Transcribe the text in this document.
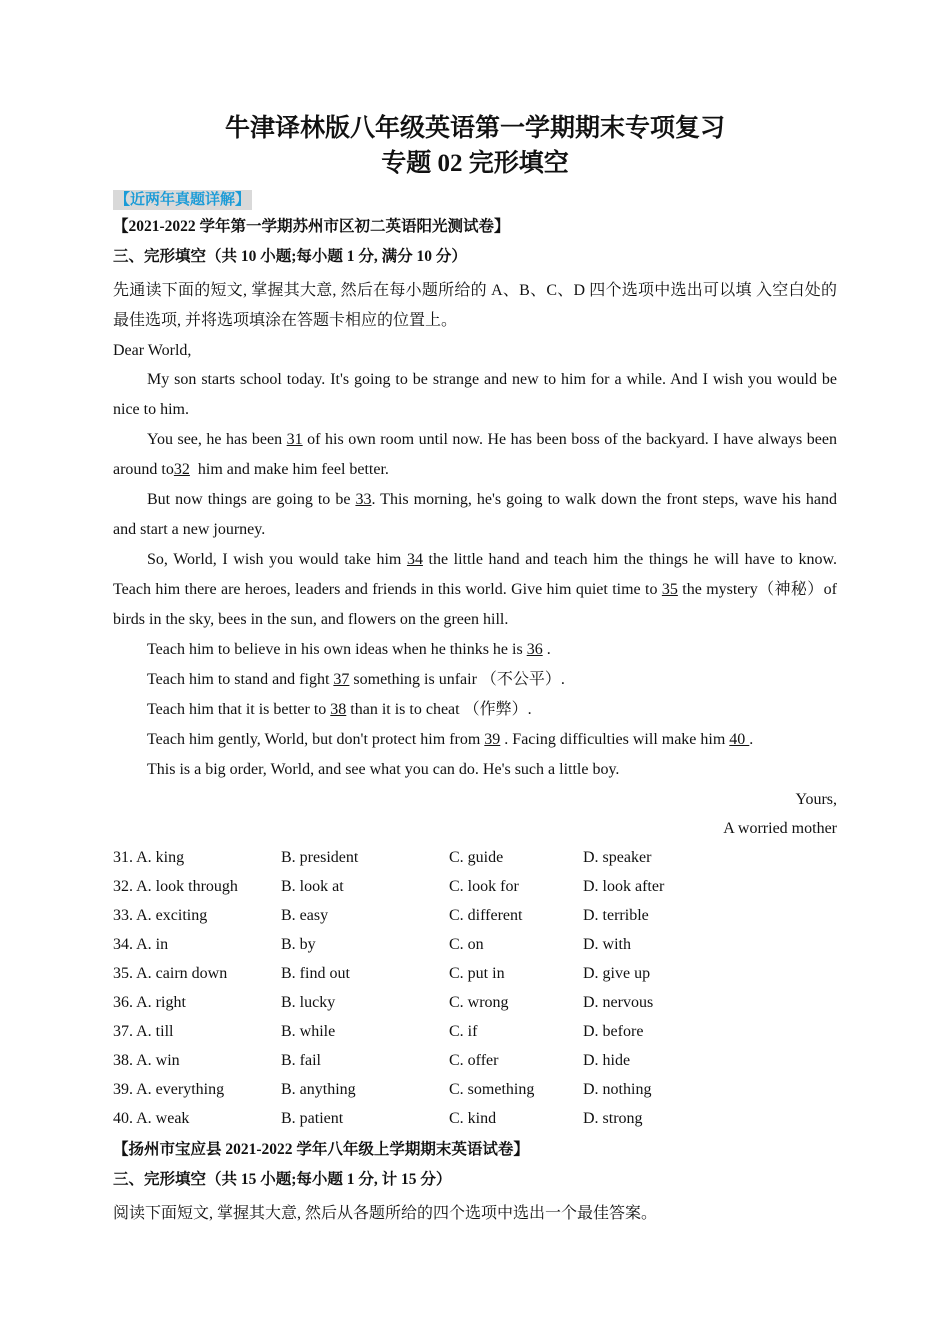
牛津译林版八年级英语第一学期期末专项复习
专题 02 完形填空
【近两年真题详解】
【2021-2022 学年第一学期苏州市区初二英语阳光测试卷】
三、完形填空（共 10 小题;每小题 1 分, 满分 10 分）

先通读下面的短文, 掌握其大意, 然后在每小题所给的 A、B、C、D 四个选项中选出可以填 入空白处的最佳选项, 并将选项填涂在答题卡相应的位置上。

Dear World,

My son starts school today. It's going to be strange and new to him for a while. And I wish you would be nice to him.

You see, he has been 31 of his own room until now. He has been boss of the backyard. I have always been around to32  him and make him feel better.

But now things are going to be 33. This morning, he's going to walk down the front steps, wave his hand and start a new journey.

So, World, I wish you would take him 34 the little hand and teach him the things he will have to know. Teach him there are heroes, leaders and friends in this world. Give him quiet time to 35 the mystery（神秘）of birds in the sky, bees in the sun, and flowers on the green hill.

Teach him to believe in his own ideas when he thinks he is 36 .

Teach him to stand and fight 37 something is unfair （不公平）.

Teach him that it is better to 38 than it is to cheat （作弊）.

Teach him gently, World, but don't protect him from 39 . Facing difficulties will make him 40 .

This is a big order, World, and see what you can do. He's such a little boy.

Yours,

A worried mother

31. A. king	B. president	C. guide	D. speaker
32. A. look through	B. look at	C. look for	D. look after
33. A. exciting	B. easy	C. different	D. terrible
34. A. in	B. by	C. on	D. with
35. A. cairn down	B. find out	C. put in	D. give up
36. A. right	B. lucky	C. wrong	D. nervous
37. A. till	B. while	C. if	D. before
38. A. win	B. fail	C. offer	D. hide
39. A. everything	B. anything	C. something	D. nothing
40. A. weak	B. patient	C. kind	D. strong
【扬州市宝应县 2021-2022 学年八年级上学期期末英语试卷】
三、完形填空（共 15 小题;每小题 1 分, 计 15 分）

阅读下面短文, 掌握其大意, 然后从各题所给的四个选项中选出一个最佳答案。
